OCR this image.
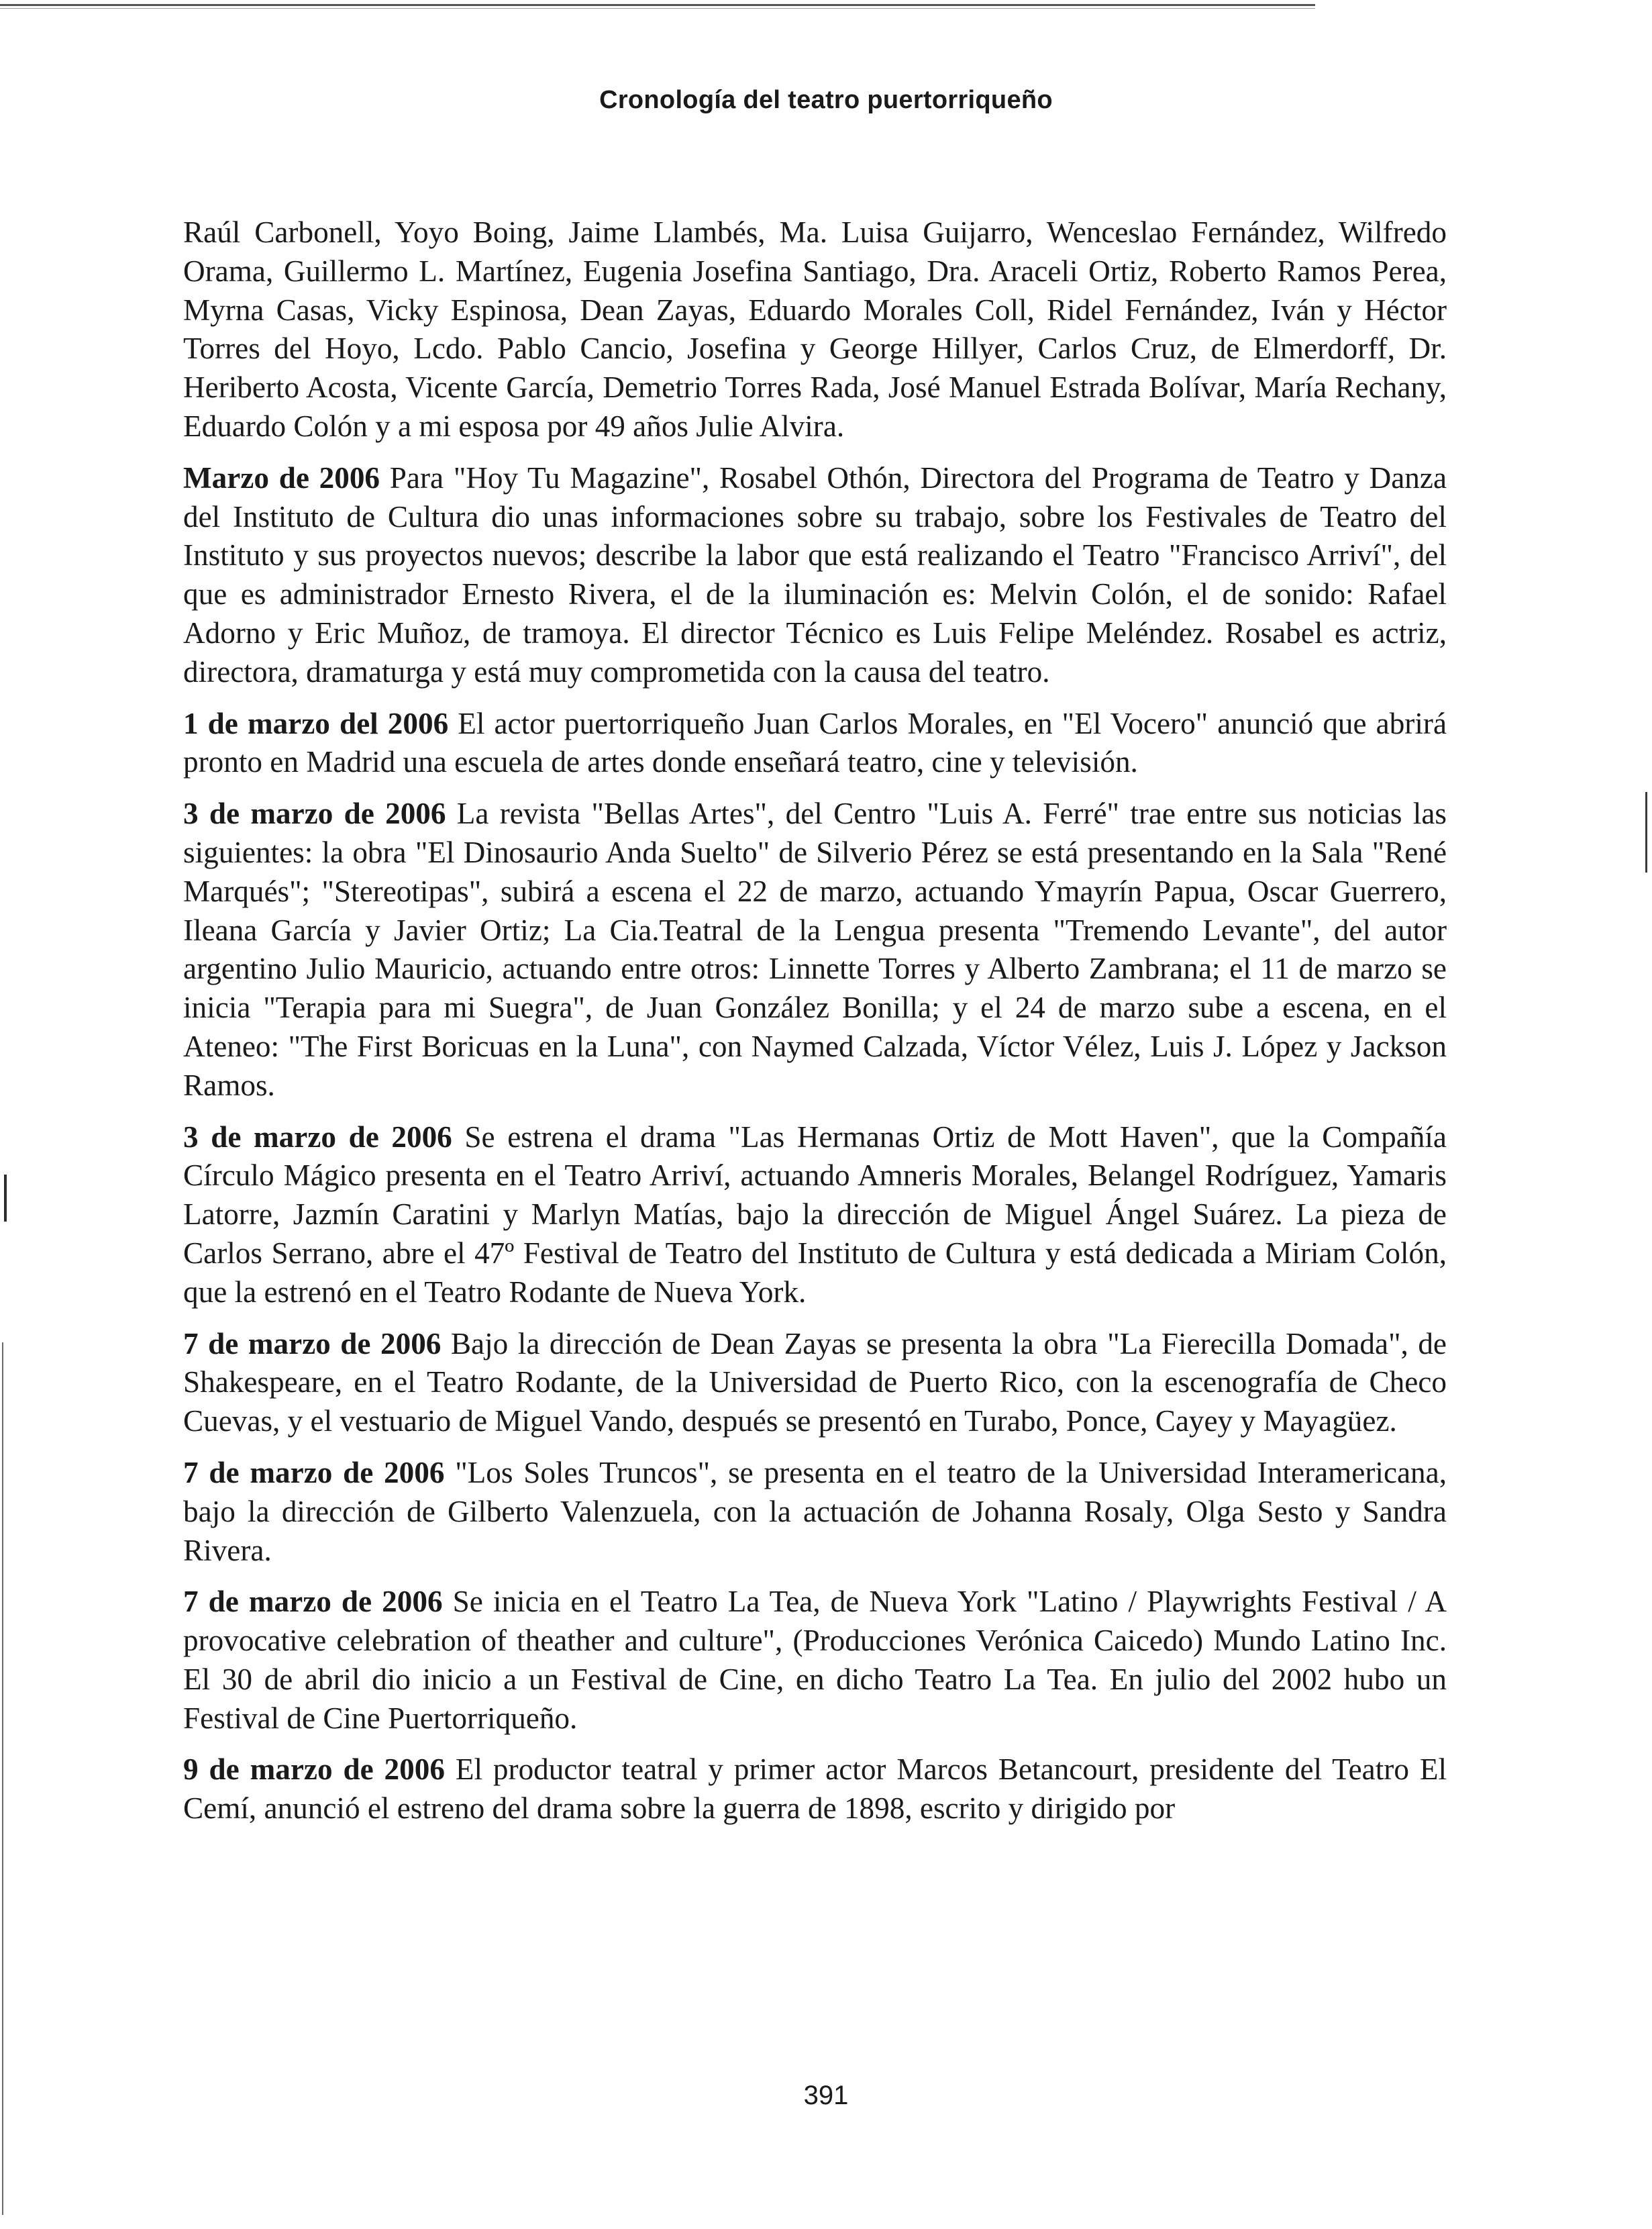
Cronología del teatro puertorriqueño

Raúl Carbonell, Yoyo Boing, Jaime Llambés, Ma. Luisa Guijarro, Wenceslao Fernández, Wilfredo Orama, Guillermo L. Martínez, Eugenia Josefina Santiago, Dra. Araceli Ortiz, Roberto Ramos Perea, Myrna Casas, Vicky Espinosa, Dean Zayas, Eduardo Morales Coll, Ridel Fernández, Iván y Héctor Torres del Hoyo, Lcdo. Pablo Cancio, Josefina y George Hillyer, Carlos Cruz, de Elmerdorff, Dr. Heriberto Acosta, Vicente García, Demetrio Torres Rada, José Manuel Estrada Bolívar, María Rechany, Eduardo Colón y a mi esposa por 49 años Julie Alvira.

Marzo de 2006 Para "Hoy Tu Magazine", Rosabel Othón, Directora del Programa de Teatro y Danza del Instituto de Cultura dio unas informaciones sobre su trabajo, sobre los Festivales de Teatro del Instituto y sus proyectos nuevos; describe la labor que está realizando el Teatro "Francisco Arriví", del que es administrador Ernesto Rivera, el de la iluminación es: Melvin Colón, el de sonido: Rafael Adorno y Eric Muñoz, de tramoya. El director Técnico es Luis Felipe Meléndez. Rosabel es actriz, directora, dramaturga y está muy comprometida con la causa del teatro.

1 de marzo del 2006 El actor puertorriqueño Juan Carlos Morales, en "El Vocero" anunció que abrirá pronto en Madrid una escuela de artes donde enseñará teatro, cine y televisión.

3 de marzo de 2006 La revista "Bellas Artes", del Centro "Luis A. Ferré" trae entre sus noticias las siguientes: la obra "El Dinosaurio Anda Suelto" de Silverio Pérez se está presentando en la Sala "René Marqués"; "Stereotipas", subirá a escena el 22 de marzo, actuando Ymayrín Papua, Oscar Guerrero, Ileana García y Javier Ortiz; La Cia.Teatral de la Lengua presenta "Tremendo Levante", del autor argentino Julio Mauricio, actuando entre otros: Linnette Torres y Alberto Zambrana; el 11 de marzo se inicia "Terapia para mi Suegra", de Juan González Bonilla; y el 24 de marzo sube a escena, en el Ateneo: "The First Boricuas en la Luna", con Naymed Calzada, Víctor Vélez, Luis J. López y Jackson Ramos.

3 de marzo de 2006 Se estrena el drama "Las Hermanas Ortiz de Mott Haven", que la Compañía Círculo Mágico presenta en el Teatro Arriví, actuando Amneris Morales, Belangel Rodríguez, Yamaris Latorre, Jazmín Caratini y Marlyn Matías, bajo la dirección de Miguel Ángel Suárez. La pieza de Carlos Serrano, abre el 47º Festival de Teatro del Instituto de Cultura y está dedicada a Miriam Colón, que la estrenó en el Teatro Rodante de Nueva York.

7 de marzo de 2006 Bajo la dirección de Dean Zayas se presenta la obra "La Fierecilla Domada", de Shakespeare, en el Teatro Rodante, de la Universidad de Puerto Rico, con la escenografía de Checo Cuevas, y el vestuario de Miguel Vando, después se presentó en Turabo, Ponce, Cayey y Mayagüez.

7 de marzo de 2006 "Los Soles Truncos", se presenta en el teatro de la Universidad Interamericana, bajo la dirección de Gilberto Valenzuela, con la actuación de Johanna Rosaly, Olga Sesto y Sandra Rivera.

7 de marzo de 2006 Se inicia en el Teatro La Tea, de Nueva York "Latino / Playwrights Festival / A provocative celebration of theather and culture", (Producciones Verónica Caicedo) Mundo Latino Inc. El 30 de abril dio inicio a un Festival de Cine, en dicho Teatro La Tea. En julio del 2002 hubo un Festival de Cine Puertorriqueño.

9 de marzo de 2006 El productor teatral y primer actor Marcos Betancourt, presidente del Teatro El Cemí, anunció el estreno del drama sobre la guerra de 1898, escrito y dirigido por

391
